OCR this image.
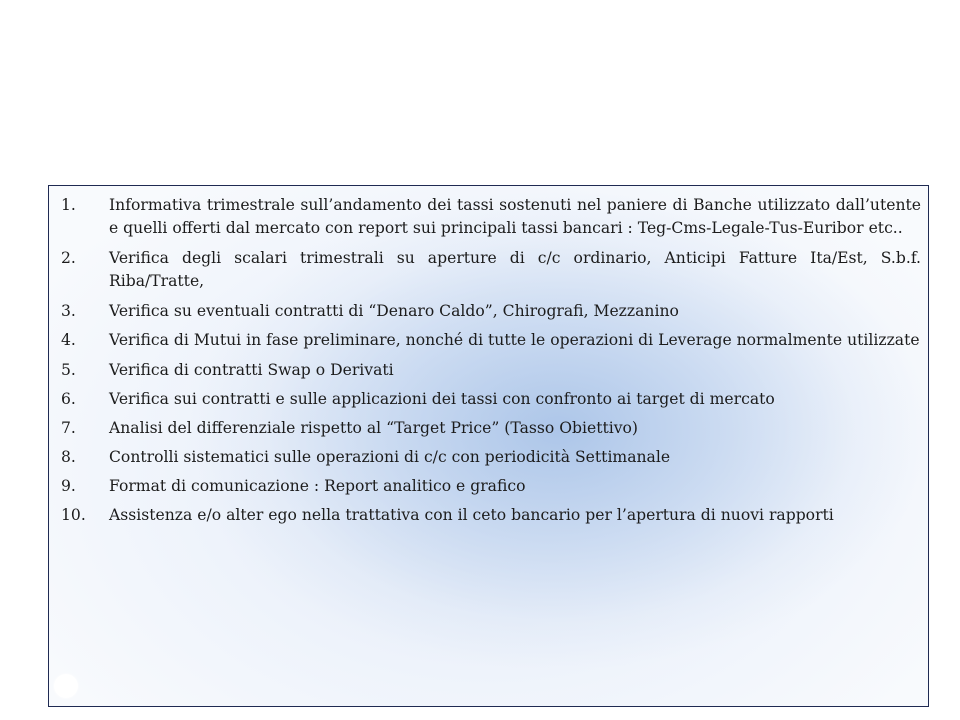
1. Informativa trimestrale sull’andamento dei tassi sostenuti nel paniere di Banche utilizzato dall’utente e quelli offerti dal mercato con report sui principali tassi bancari : Teg-Cms-Legale-Tus-Euribor etc..
2. Verifica degli scalari trimestrali su aperture di c/c ordinario, Anticipi Fatture Ita/Est, S.b.f. Riba/Tratte,
3. Verifica su eventuali contratti di “Denaro Caldo”, Chirografi, Mezzanino
4. Verifica di Mutui in fase preliminare, nonché di tutte le operazioni di Leverage normalmente utilizzate
5. Verifica di contratti Swap o Derivati
6. Verifica sui contratti e sulle applicazioni dei tassi con confronto ai target di mercato
7. Analisi del differenziale rispetto al “Target Price” (Tasso Obiettivo)
8. Controlli sistematici sulle operazioni di c/c con periodicità Settimanale
9. Format di comunicazione : Report analitico e grafico
10. Assistenza e/o alter ego nella trattativa con il ceto bancario per l’apertura di nuovi rapporti
